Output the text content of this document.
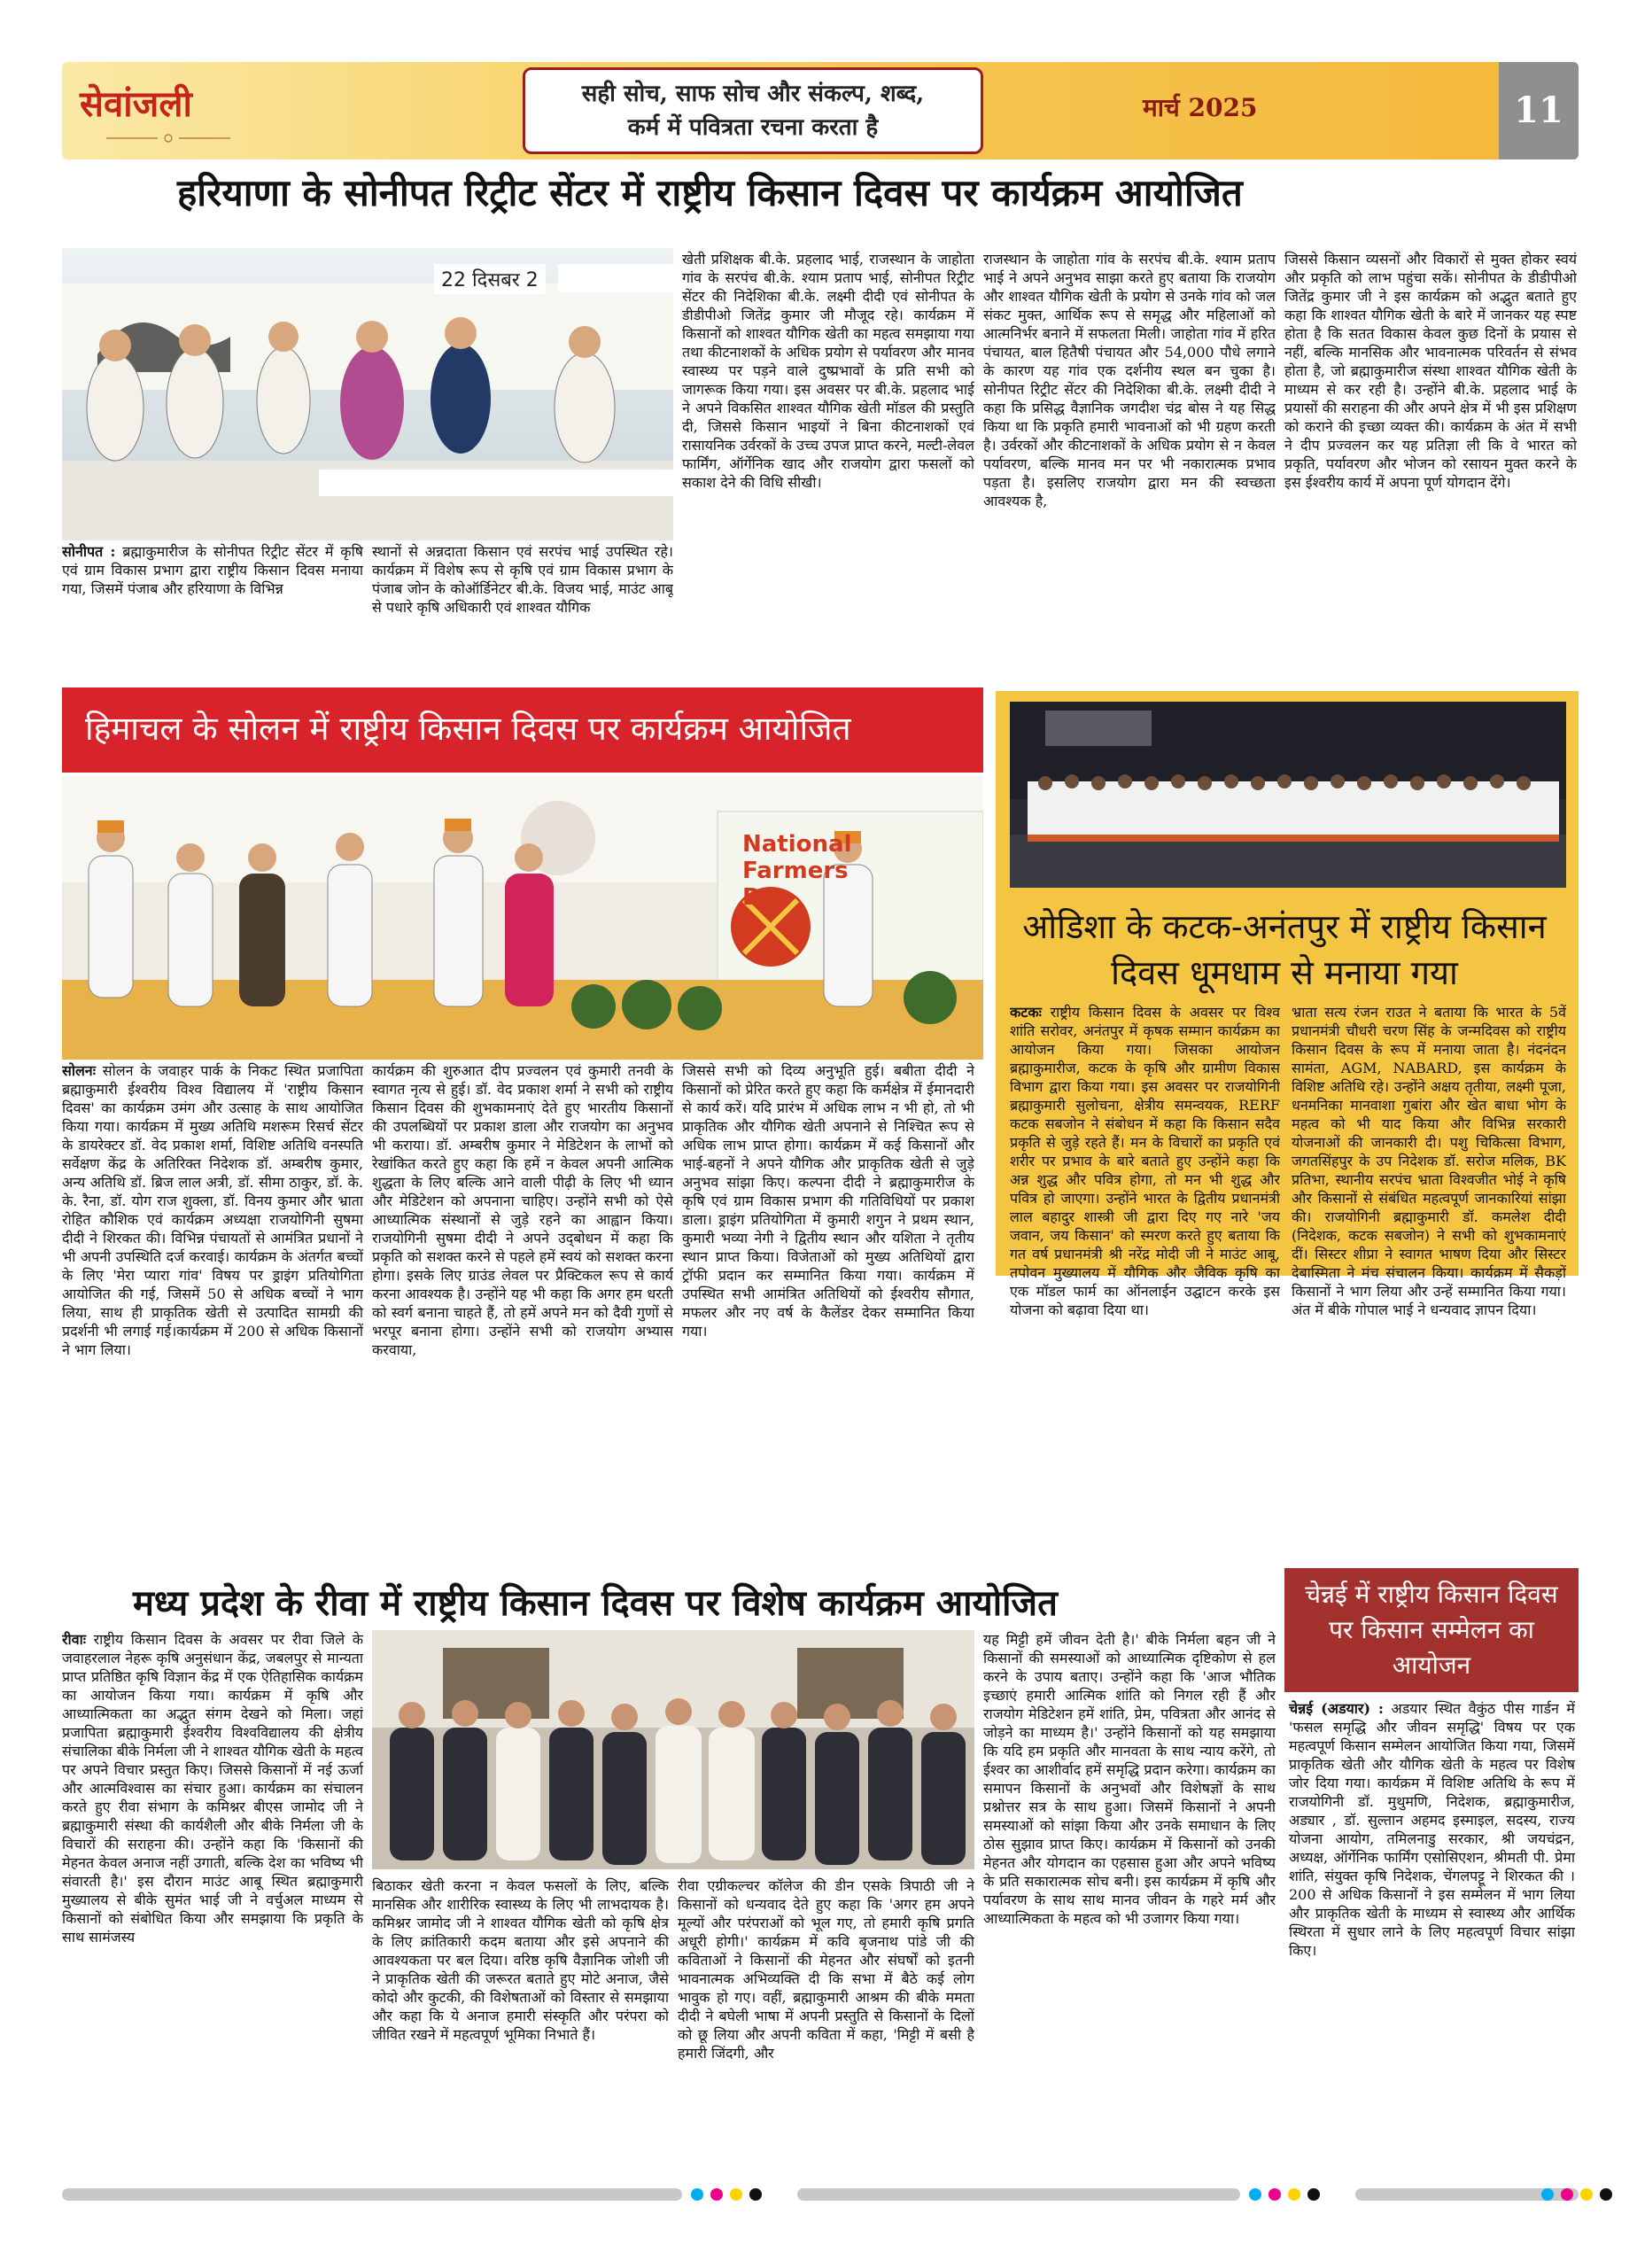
सेवांजली	सही सोच, साफ सोच और संकल्प, शब्द,
कर्म में पवित्रता रचना करता है
मार्च 2025	11
हरियाणा के सोनीपत रिट्रीट सेंटर में राष्ट्रीय किसान दिवस पर कार्यक्रम आयोजित
22 दिसबर 2
सोनीपत : ब्रह्माकुमारीज के सोनीपत रिट्रीट सेंटर में कृषि एवं ग्राम विकास प्रभाग द्वारा राष्ट्रीय किसान दिवस मनाया गया, जिसमें पंजाब और हरियाणा के विभिन्न
स्थानों से अन्नदाता किसान एवं सरपंच भाई उपस्थित रहे। कार्यक्रम में विशेष रूप से कृषि एवं ग्राम विकास प्रभाग के पंजाब जोन के कोऑर्डिनेटर बी.के. विजय भाई, माउंट आबू से पधारे कृषि अधिकारी एवं शाश्वत यौगिक
खेती प्रशिक्षक बी.के. प्रहलाद भाई, राजस्थान के जाहोता गांव के सरपंच बी.के. श्याम प्रताप भाई, सोनीपत रिट्रीट सेंटर की निदेशिका बी.के. लक्ष्मी दीदी एवं सोनीपत के डीडीपीओ जितेंद्र कुमार जी मौजूद रहे। कार्यक्रम में किसानों को शाश्वत यौगिक खेती का महत्व समझाया गया तथा कीटनाशकों के अधिक प्रयोग से पर्यावरण और मानव स्वास्थ्य पर पड़ने वाले दुष्प्रभावों के प्रति सभी को जागरूक किया गया। इस अवसर पर बी.के. प्रहलाद भाई ने अपने विकसित शाश्वत यौगिक खेती मॉडल की प्रस्तुति दी, जिससे किसान भाइयों ने बिना कीटनाशकों एवं रासायनिक उर्वरकों के उच्च उपज प्राप्त करने, मल्टी-लेवल फार्मिंग, ऑर्गेनिक खाद और राजयोग द्वारा फसलों को सकाश देने की विधि सीखी।
राजस्थान के जाहोता गांव के सरपंच बी.के. श्याम प्रताप भाई ने अपने अनुभव साझा करते हुए बताया कि राजयोग और शाश्वत यौगिक खेती के प्रयोग से उनके गांव को जल संकट मुक्त, आर्थिक रूप से समृद्ध और महिलाओं को आत्मनिर्भर बनाने में सफलता मिली। जाहोता गांव में हरित पंचायत, बाल हितैषी पंचायत और 54,000 पौधे लगाने के कारण यह गांव एक दर्शनीय स्थल बन चुका है। सोनीपत रिट्रीट सेंटर की निदेशिका बी.के. लक्ष्मी दीदी ने कहा कि प्रसिद्ध वैज्ञानिक जगदीश चंद्र बोस ने यह सिद्ध किया था कि प्रकृति हमारी भावनाओं को भी ग्रहण करती है। उर्वरकों और कीटनाशकों के अधिक प्रयोग से न केवल पर्यावरण, बल्कि मानव मन पर भी नकारात्मक प्रभाव पड़ता है। इसलिए राजयोग द्वारा मन की स्वच्छता आवश्यक है,
जिससे किसान व्यसनों और विकारों से मुक्त होकर स्वयं और प्रकृति को लाभ पहुंचा सकें। सोनीपत के डीडीपीओ जितेंद्र कुमार जी ने इस कार्यक्रम को अद्भुत बताते हुए कहा कि शाश्वत यौगिक खेती के बारे में जानकर यह स्पष्ट होता है कि सतत विकास केवल कुछ दिनों के प्रयास से नहीं, बल्कि मानसिक और भावनात्मक परिवर्तन से संभव होता है, जो ब्रह्माकुमारीज संस्था शाश्वत यौगिक खेती के माध्यम से कर रही है। उन्होंने बी.के. प्रहलाद भाई के प्रयासों की सराहना की और अपने क्षेत्र में भी इस प्रशिक्षण को कराने की इच्छा व्यक्त की। कार्यक्रम के अंत में सभी ने दीप प्रज्वलन कर यह प्रतिज्ञा ली कि वे भारत को प्रकृति, पर्यावरण और भोजन को रसायन मुक्त करने के इस ईश्वरीय कार्य में अपना पूर्ण योगदान देंगे।
हिमाचल के सोलन में राष्ट्रीय किसान दिवस पर कार्यक्रम आयोजित
National Farmers Day
सोलनः सोलन के जवाहर पार्क के निकट स्थित प्रजापिता ब्रह्माकुमारी ईश्वरीय विश्व विद्यालय में 'राष्ट्रीय किसान दिवस' का कार्यक्रम उमंग और उत्साह के साथ आयोजित किया गया। कार्यक्रम में मुख्य अतिथि मशरूम रिसर्च सेंटर के डायरेक्टर डॉ. वेद प्रकाश शर्मा, विशिष्ट अतिथि वनस्पति सर्वेक्षण केंद्र के अतिरिक्त निदेशक डॉ. अम्बरीष कुमार, अन्य अतिथि डॉ. ब्रिज लाल अत्री, डॉ. सीमा ठाकुर, डॉ. के. के. रैना, डॉ. योग राज शुक्ला, डॉ. विनय कुमार और भ्राता रोहित कौशिक एवं कार्यक्रम अध्यक्षा राजयोगिनी सुषमा दीदी ने शिरकत की। विभिन्न पंचायतों से आमंत्रित प्रधानों ने भी अपनी उपस्थिति दर्ज करवाई। कार्यक्रम के अंतर्गत बच्चों के लिए 'मेरा प्यारा गांव' विषय पर ड्राइंग प्रतियोगिता आयोजित की गई, जिसमें 50 से अधिक बच्चों ने भाग लिया, साथ ही प्राकृतिक खेती से उत्पादित सामग्री की प्रदर्शनी भी लगाई गई।कार्यक्रम में 200 से अधिक किसानों ने भाग लिया।
कार्यक्रम की शुरुआत दीप प्रज्वलन एवं कुमारी तनवी के स्वागत नृत्य से हुई। डॉ. वेद प्रकाश शर्मा ने सभी को राष्ट्रीय किसान दिवस की शुभकामनाएं देते हुए भारतीय किसानों की उपलब्धियों पर प्रकाश डाला और राजयोग का अनुभव भी कराया। डॉ. अम्बरीष कुमार ने मेडिटेशन के लाभों को रेखांकित करते हुए कहा कि हमें न केवल अपनी आत्मिक शुद्धता के लिए बल्कि आने वाली पीढ़ी के लिए भी ध्यान और मेडिटेशन को अपनाना चाहिए। उन्होंने सभी को ऐसे आध्यात्मिक संस्थानों से जुड़े रहने का आह्वान किया। राजयोगिनी सुषमा दीदी ने अपने उद्‌बोधन में कहा कि प्रकृति को सशक्त करने से पहले हमें स्वयं को सशक्त करना होगा। इसके लिए ग्राउंड लेवल पर प्रैक्टिकल रूप से कार्य करना आवश्यक है। उन्होंने यह भी कहा कि अगर हम धरती को स्वर्ग बनाना चाहते हैं, तो हमें अपने मन को दैवी गुणों से भरपूर बनाना होगा। उन्होंने सभी को राजयोग अभ्यास करवाया,
जिससे सभी को दिव्य अनुभूति हुई। बबीता दीदी ने किसानों को प्रेरित करते हुए कहा कि कर्मक्षेत्र में ईमानदारी से कार्य करें। यदि प्रारंभ में अधिक लाभ न भी हो, तो भी प्राकृतिक और यौगिक खेती अपनाने से निश्चित रूप से अधिक लाभ प्राप्त होगा। कार्यक्रम में कई किसानों और भाई-बहनों ने अपने यौगिक और प्राकृतिक खेती से जुड़े अनुभव सांझा किए। कल्पना दीदी ने ब्रह्माकुमारीज के कृषि एवं ग्राम विकास प्रभाग की गतिविधियों पर प्रकाश डाला। ड्राइंग प्रतियोगिता में कुमारी शगुन ने प्रथम स्थान, कुमारी भव्या नेगी ने द्वितीय स्थान और यशिता ने तृतीय स्थान प्राप्त किया। विजेताओं को मुख्य अतिथियों द्वारा ट्रॉफी प्रदान कर सम्मानित किया गया। कार्यक्रम में उपस्थित सभी आमंत्रित अतिथियों को ईश्वरीय सौगात, मफलर और नए वर्ष के कैलेंडर देकर सम्मानित किया गया।
ओडिशा के कटक-अनंतपुर में राष्ट्रीय किसान दिवस धूमधाम से मनाया गया
कटकः राष्ट्रीय किसान दिवस के अवसर पर विश्व शांति सरोवर, अनंतपुर में कृषक सम्मान कार्यक्रम का आयोजन किया गया। जिसका आयोजन ब्रह्माकुमारीज, कटक के कृषि और ग्रामीण विकास विभाग द्वारा किया गया। इस अवसर पर राजयोगिनी ब्रह्माकुमारी सुलोचना, क्षेत्रीय समन्वयक, RERF कटक सबजोन ने संबोधन में कहा कि किसान सदैव प्रकृति से जुड़े रहते हैं। मन के विचारों का प्रकृति एवं शरीर पर प्रभाव के बारे बताते हुए उन्होंने कहा कि अन्न शुद्ध और पवित्र होगा, तो मन भी शुद्ध और पवित्र हो जाएगा। उन्होंने भारत के द्वितीय प्रधानमंत्री लाल बहादुर शास्त्री जी द्वारा दिए गए नारे 'जय जवान, जय किसान' को स्मरण करते हुए बताया कि गत वर्ष प्रधानमंत्री श्री नरेंद्र मोदी जी ने माउंट आबू, तपोवन मुख्यालय में यौगिक और जैविक कृषि का एक मॉडल फार्म का ऑनलाईन उद्घाटन करके इस योजना को बढ़ावा दिया था।
भ्राता सत्य रंजन राउत ने बताया कि भारत के 5वें प्रधानमंत्री चौधरी चरण सिंह के जन्मदिवस को राष्ट्रीय किसान दिवस के रूप में मनाया जाता है। नंदनंदन सामंता, AGM, NABARD, इस कार्यक्रम के विशिष्ट अतिथि रहे। उन्होंने अक्षय तृतीया, लक्ष्मी पूजा, धनमनिका मानवाशा गुबांरा और खेत बाधा भोग के महत्व को भी याद किया और विभिन्न सरकारी योजनाओं की जानकारी दी। पशु चिकित्सा विभाग, जगतसिंहपुर के उप निदेशक डॉ. सरोज मलिक, BK प्रतिभा, स्थानीय सरपंच भ्राता विश्वजीत भोई ने कृषि और किसानों से संबंधित महत्वपूर्ण जानकारियां सांझा की। राजयोगिनी ब्रह्माकुमारी डॉ. कमलेश दीदी (निदेशक, कटक सबजोन) ने सभी को शुभकामनाएं दीं। सिस्टर शीप्रा ने स्वागत भाषण दिया और सिस्टर देबास्मिता ने मंच संचालन किया। कार्यक्रम में सैकड़ों किसानों ने भाग लिया और उन्हें सम्मानित किया गया। अंत में बीके गोपाल भाई ने धन्यवाद ज्ञापन दिया।
मध्य प्रदेश के रीवा में राष्ट्रीय किसान दिवस पर विशेष कार्यक्रम आयोजित
रीवाः राष्ट्रीय किसान दिवस के अवसर पर रीवा जिले के जवाहरलाल नेहरू कृषि अनुसंधान केंद्र, जबलपुर से मान्यता प्राप्त प्रतिष्ठित कृषि विज्ञान केंद्र में एक ऐतिहासिक कार्यक्रम का आयोजन किया गया। कार्यक्रम में कृषि और आध्यात्मिकता का अद्भुत संगम देखने को मिला। जहां प्रजापिता ब्रह्माकुमारी ईश्वरीय विश्वविद्यालय की क्षेत्रीय संचालिका बीके निर्मला जी ने शाश्वत यौगिक खेती के महत्व पर अपने विचार प्रस्तुत किए। जिससे किसानों में नई ऊर्जा और आत्मविश्वास का संचार हुआ। कार्यक्रम का संचालन करते हुए रीवा संभाग के कमिश्नर बीएस जामोद जी ने ब्रह्माकुमारी संस्था की कार्यशैली और बीके निर्मला जी के विचारों की सराहना की। उन्होंने कहा कि 'किसानों की मेहनत केवल अनाज नहीं उगाती, बल्कि देश का भविष्य भी संवारती है।' इस दौरान माउंट आबू स्थित ब्रह्माकुमारी मुख्यालय से बीके सुमंत भाई जी ने वर्चुअल माध्यम से किसानों को संबोधित किया और समझाया कि प्रकृति के साथ सामंजस्य
बिठाकर खेती करना न केवल फसलों के लिए, बल्कि मानसिक और शारीरिक स्वास्थ्य के लिए भी लाभदायक है। कमिश्नर जामोद जी ने शाश्वत यौगिक खेती को कृषि क्षेत्र के लिए क्रांतिकारी कदम बताया और इसे अपनाने की आवश्यकता पर बल दिया। वरिष्ठ कृषि वैज्ञानिक जोशी जी ने प्राकृतिक खेती की जरूरत बताते हुए मोटे अनाज, जैसे कोदो और कुटकी, की विशेषताओं को विस्तार से समझाया और कहा कि ये अनाज हमारी संस्कृति और परंपरा को जीवित रखने में महत्वपूर्ण भूमिका निभाते हैं।
रीवा एग्रीकल्चर कॉलेज की डीन एसके त्रिपाठी जी ने किसानों को धन्यवाद देते हुए कहा कि 'अगर हम अपने मूल्यों और परंपराओं को भूल गए, तो हमारी कृषि प्रगति अधूरी होगी।' कार्यक्रम में कवि बृजनाथ पांडे जी की कविताओं ने किसानों की मेहनत और संघर्षों को इतनी भावनात्मक अभिव्यक्ति दी कि सभा में बैठे कई लोग भावुक हो गए। वहीं, ब्रह्माकुमारी आश्रम की बीके ममता दीदी ने बघेली भाषा में अपनी प्रस्तुति से किसानों के दिलों को छू लिया और अपनी कविता में कहा, 'मिट्टी में बसी है हमारी जिंदगी, और
यह मिट्टी हमें जीवन देती है।' बीके निर्मला बहन जी ने किसानों की समस्याओं को आध्यात्मिक दृष्टिकोण से हल करने के उपाय बताए। उन्होंने कहा कि 'आज भौतिक इच्छाएं हमारी आत्मिक शांति को निगल रही हैं और राजयोग मेडिटेशन हमें शांति, प्रेम, पवित्रता और आनंद से जोड़ने का माध्यम है।' उन्होंने किसानों को यह समझाया कि यदि हम प्रकृति और मानवता के साथ न्याय करेंगे, तो ईश्वर का आशीर्वाद हमें समृद्धि प्रदान करेगा। कार्यक्रम का समापन किसानों के अनुभवों और विशेषज्ञों के साथ प्रश्नोत्तर सत्र के साथ हुआ। जिसमें किसानों ने अपनी समस्याओं को सांझा किया और उनके समाधान के लिए ठोस सुझाव प्राप्त किए। कार्यक्रम में किसानों को उनकी मेहनत और योगदान का एहसास हुआ और अपने भविष्य के प्रति सकारात्मक सोच बनी। इस कार्यक्रम में कृषि और पर्यावरण के साथ साथ मानव जीवन के गहरे मर्म और आध्यात्मिकता के महत्व को भी उजागर किया गया।
चेन्नई में राष्ट्रीय किसान दिवस पर किसान सम्मेलन का आयोजन
चेन्नई (अडयार) : अडयार स्थित वैकुंठ पीस गार्डन में 'फसल समृद्धि और जीवन समृद्धि' विषय पर एक महत्वपूर्ण किसान सम्मेलन आयोजित किया गया, जिसमें प्राकृतिक खेती और यौगिक खेती के महत्व पर विशेष जोर दिया गया। कार्यक्रम में विशिष्ट अतिथि के रूप में राजयोगिनी डॉ. मुथुमणि, निदेशक, ब्रह्माकुमारीज, अड्यार , डॉ. सुल्तान अहमद इस्माइल, सदस्य, राज्य योजना आयोग, तमिलनाडु सरकार, श्री जयचंद्रन, अध्यक्ष, ऑर्गेनिक फार्मिंग एसोसिएशन, श्रीमती पी. प्रेमा शांति, संयुक्त कृषि निदेशक, चेंगलपट्टू ने शिरकत की । 200 से अधिक किसानों ने इस सम्मेलन में भाग लिया और प्राकृतिक खेती के माध्यम से स्वास्थ्य और आर्थिक स्थिरता में सुधार लाने के लिए महत्वपूर्ण विचार सांझा किए।
